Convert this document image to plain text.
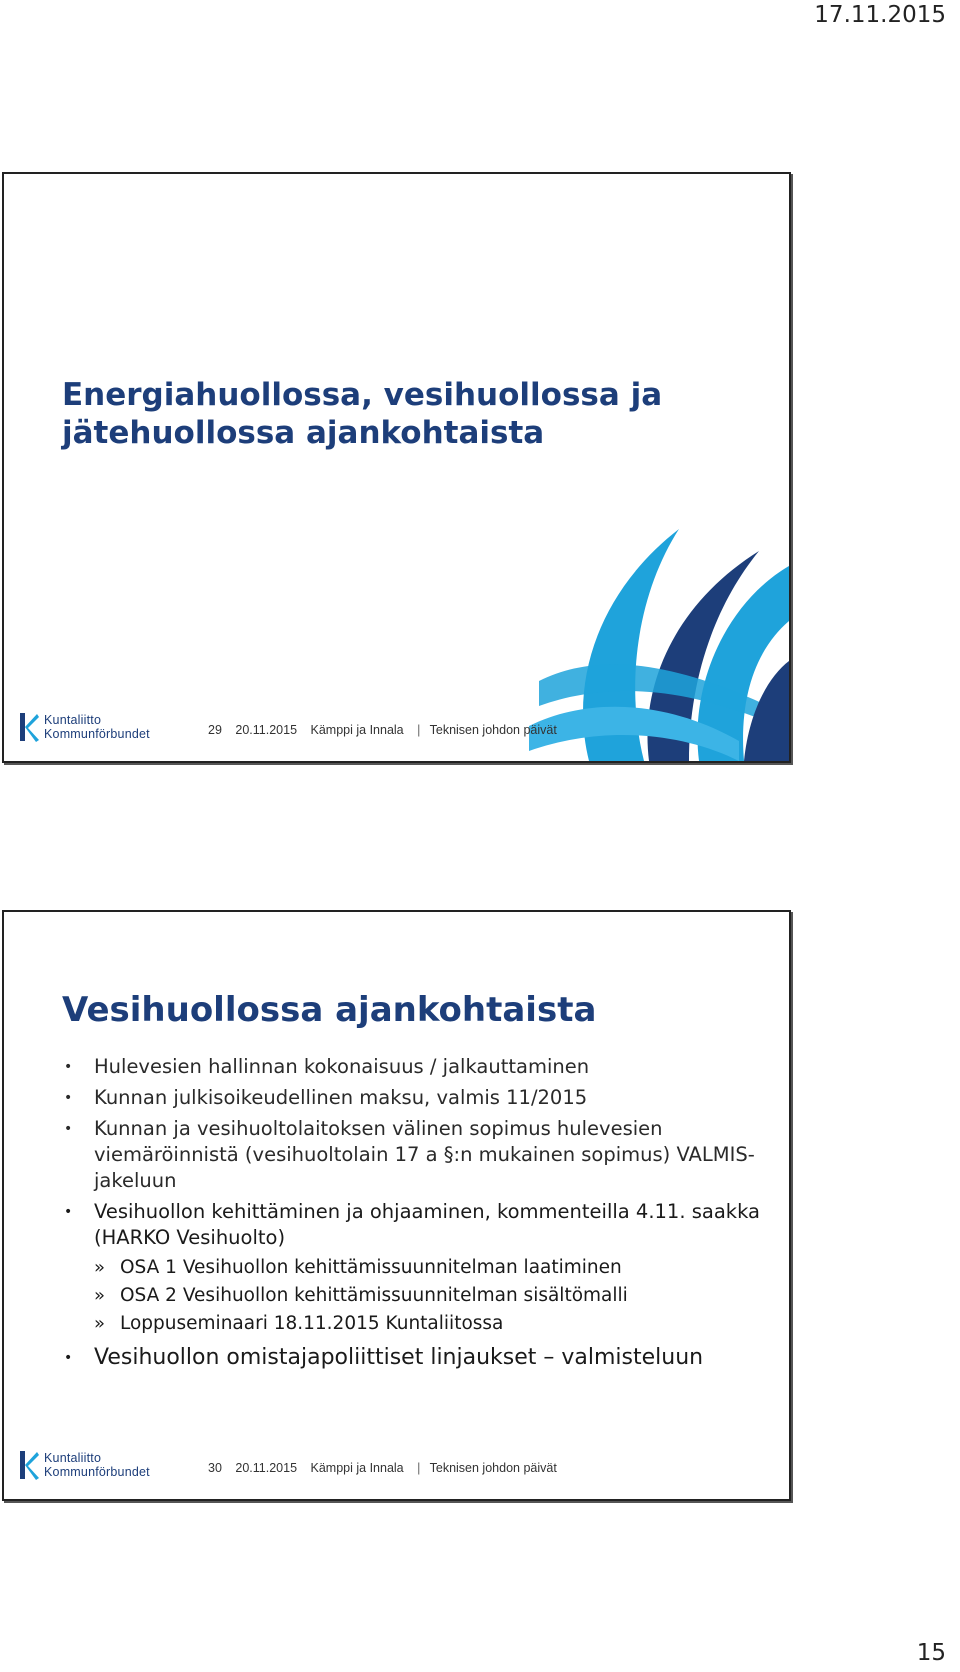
17.11.2015
Energiahuollossa, vesihuollossa ja
jätehuollossa ajankohtaista
Kuntaliitto
Kommunförbundet	29 20.11.2015 Kämppi ja Innala | Teknisen johdon päivät
Vesihuollossa ajankohtaista
•	Hulevesien hallinnan kokonaisuus / jalkauttaminen
•	Kunnan julkisoikeudellinen maksu, valmis 11/2015
•	Kunnan ja vesihuoltolaitoksen välinen sopimus hulevesien viemäröinnistä (vesihuoltolain 17 a §:n mukainen sopimus) VALMIS- jakeluun
•	Vesihuollon kehittäminen ja ohjaaminen, kommenteilla 4.11. saakka (HARKO Vesihuolto)
» OSA 1 Vesihuollon kehittämissuunnitelman laatiminen
» OSA 2 Vesihuollon kehittämissuunnitelman sisältömalli
» Loppuseminaari 18.11.2015 Kuntaliitossa
• Vesihuollon omistajapoliittiset linjaukset – valmisteluun
Kuntaliitto
Kommunförbundet	30 20.11.2015 Kämppi ja Innala | Teknisen johdon päivät
15
